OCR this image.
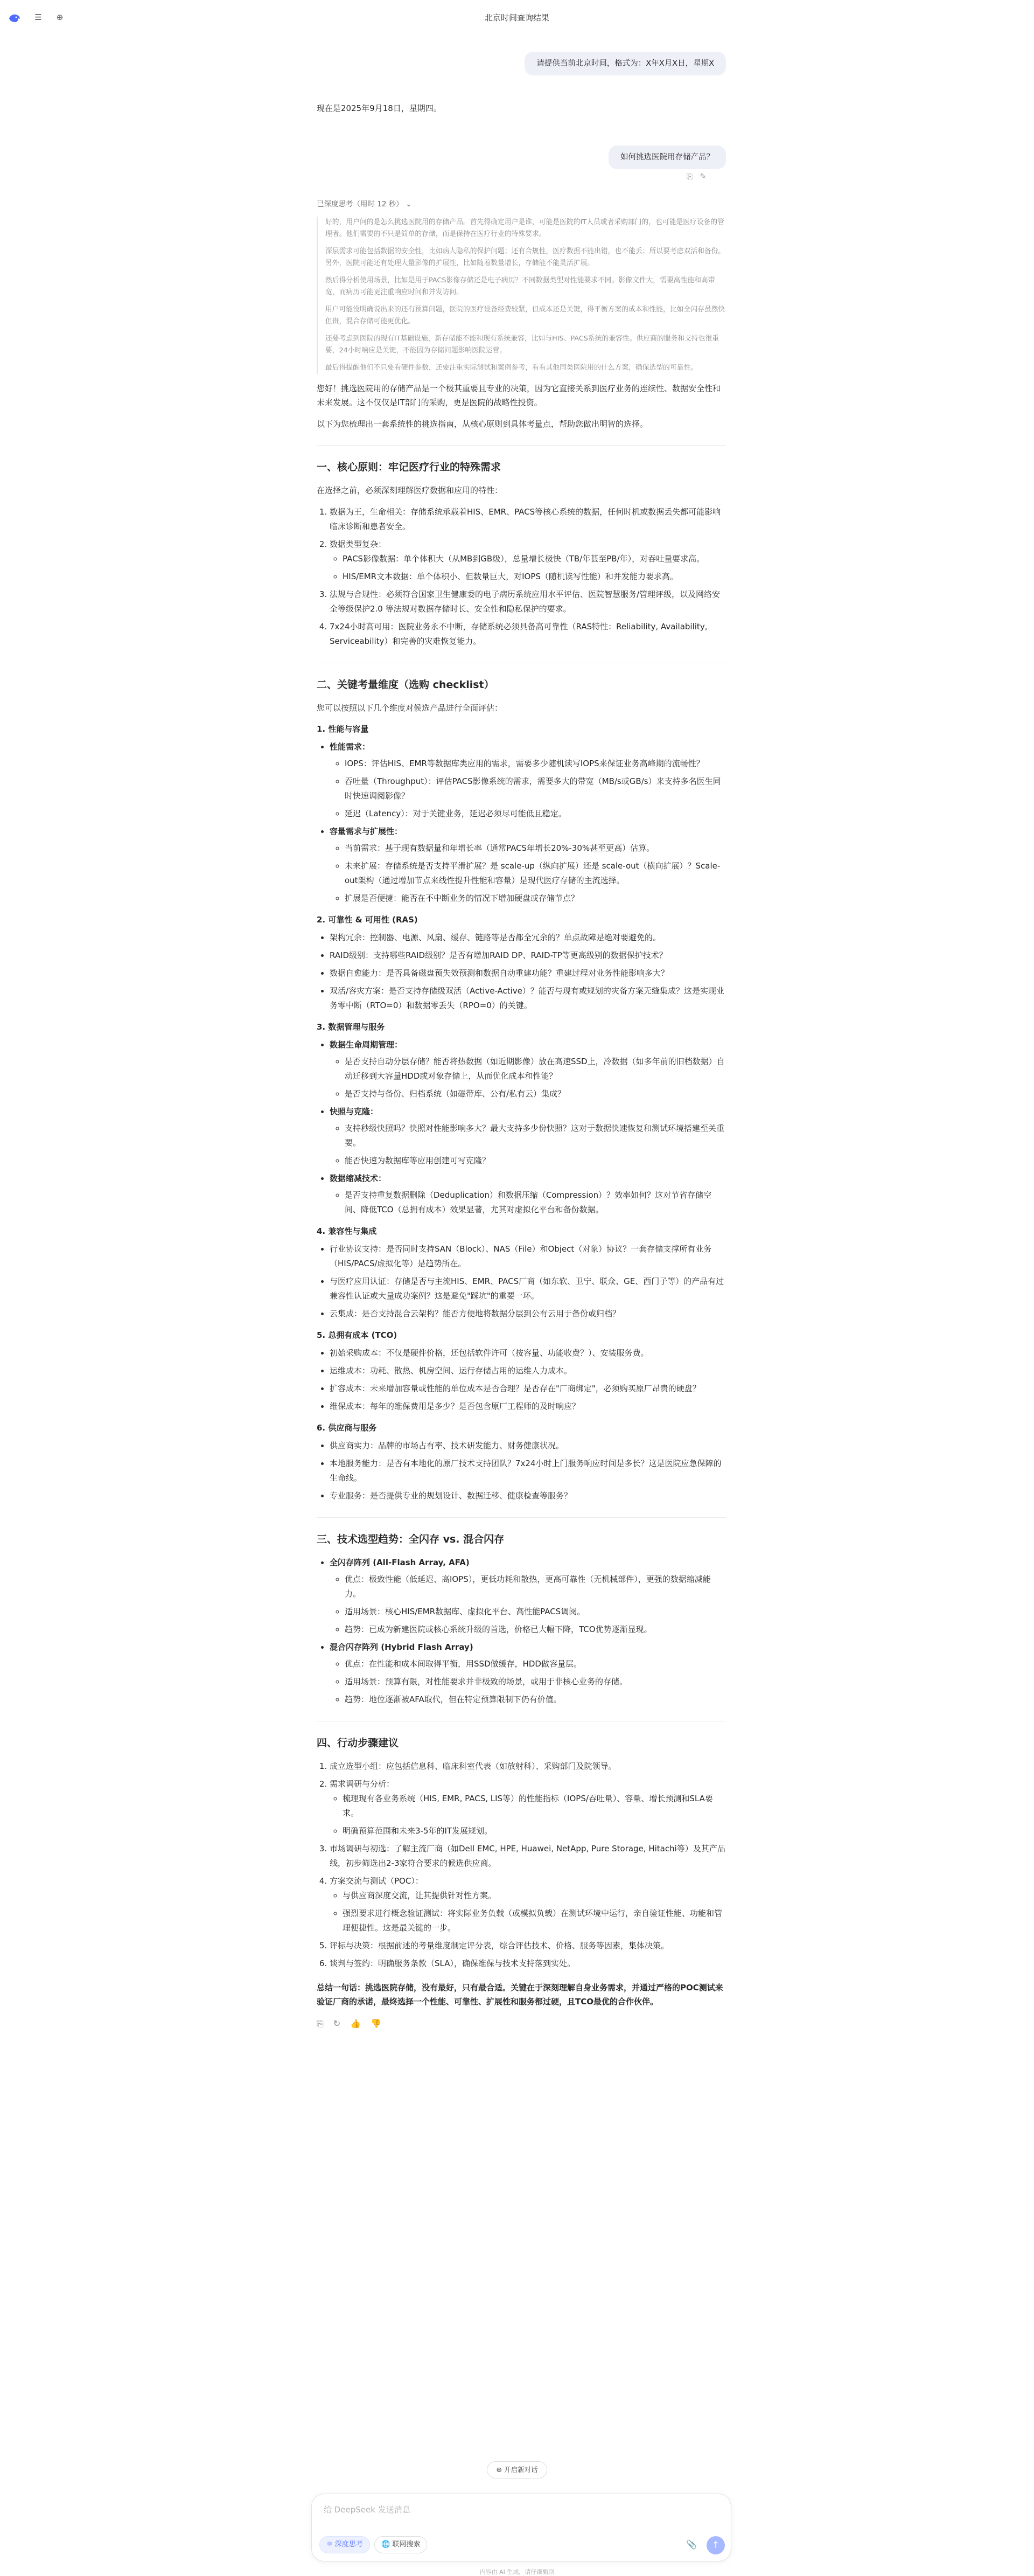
☰	⊕	北京时间查询结果
请提供当前北京时间，格式为：X年X月X日，星期X

现在是2025年9月18日，星期四。

如何挑选医院用存储产品？
⎘ ✎
已深度思考（用时 12 秒） ⌄

好的，用户问的是怎么挑选医院用的存储产品。首先得确定用户是谁，可能是医院的IT人员或者采购部门的，也可能是医疗设备的管理者。他们需要的不只是简单的存储，而是保持在医疗行业的特殊要求。

深层需求可能包括数据的安全性，比如病人隐私的保护问题；还有合规性，医疗数据不能出错，也不能丢；所以要考虑双活和备份。另外，医院可能还有处理大量影像的扩展性，比如随着数量增长，存储能不能灵活扩展。

然后得分析使用场景，比如是用于PACS影像存储还是电子病历？不同数据类型对性能要求不同。影像文件大，需要高性能和高带宽，而病历可能更注重响应时间和并发访问。

用户可能没明确说出来的还有预算问题，医院的医疗设备经费较紧，但成本还是关键，得平衡方案的成本和性能，比如全闪存虽然快但贵，混合存储可能更优化。

还要考虑到医院的现有IT基础设施，新存储能不能和现有系统兼容，比如与HIS、PACS系统的兼容性。供应商的服务和支持也很重要，24小时响应是关键，不能因为存储问题影响医院运营。

最后得提醒他们不只要看硬件参数，还要注重实际测试和案例参考，看看其他同类医院用的什么方案，确保选型的可靠性。

您好！挑选医院用的存储产品是一个极其重要且专业的决策，因为它直接关系到医疗业务的连续性、数据安全性和未来发展。这不仅仅是IT部门的采购，更是医院的战略性投资。

以下为您梳理出一套系统性的挑选指南，从核心原则到具体考量点，帮助您做出明智的选择。

一、核心原则：牢记医疗行业的特殊需求

在选择之前，必须深刻理解医疗数据和应用的特性：

1. 数据为王，生命相关：存储系统承载着HIS、EMR、PACS等核心系统的数据，任何时机或数据丢失都可能影响临床诊断和患者安全。
2. 数据类型复杂：
◦ PACS影像数据：单个体积大（从MB到GB级），总量增长极快（TB/年甚至PB/年），对吞吐量要求高。
◦ HIS/EMR文本数据：单个体积小、但数量巨大，对IOPS（随机读写性能）和并发能力要求高。
3. 法规与合规性：必须符合国家卫生健康委的电子病历系统应用水平评估、医院智慧服务/管理评级，以及网络安全等级保护2.0 等法规对数据存储时长、安全性和隐私保护的要求。
4. 7x24小时高可用：医院业务永不中断，存储系统必须具备高可靠性（RAS特性：Reliability, Availability, Serviceability）和完善的灾难恢复能力。
二、关键考量维度（选购 checklist）

您可以按照以下几个维度对候选产品进行全面评估：

1. 性能与容量
• 性能需求：
◦ IOPS：评估HIS、EMR等数据库类应用的需求，需要多少随机读写IOPS来保证业务高峰期的流畅性？
◦ 吞吐量（Throughput）：评估PACS影像系统的需求，需要多大的带宽（MB/s或GB/s）来支持多名医生同时快速调阅影像？
◦ 延迟（Latency）：对于关键业务，延迟必须尽可能低且稳定。
• 容量需求与扩展性：
◦ 当前需求：基于现有数据量和年增长率（通常PACS年增长20%-30%甚至更高）估算。
◦ 未来扩展：存储系统是否支持平滑扩展？是 scale-up（纵向扩展）还是 scale-out（横向扩展）？Scale-out架构（通过增加节点来线性提升性能和容量）是现代医疗存储的主流选择。
◦ 扩展是否便捷：能否在不中断业务的情况下增加硬盘或存储节点？
2. 可靠性 & 可用性 (RAS)
• 架构冗余：控制器、电源、风扇、缓存、链路等是否都全冗余的？单点故障是绝对要避免的。
• RAID级别：支持哪些RAID级别？是否有增加RAID DP、RAID-TP等更高级别的数据保护技术？
• 数据自愈能力：是否具备磁盘预失效预测和数据自动重建功能？重建过程对业务性能影响多大？
• 双活/容灾方案：是否支持存储级双活（Active-Active）？能否与现有或规划的灾备方案无缝集成？这是实现业务零中断（RTO=0）和数据零丢失（RPO=0）的关键。
3. 数据管理与服务
• 数据生命周期管理：
◦ 是否支持自动分层存储？能否将热数据（如近期影像）放在高速SSD上，冷数据（如多年前的旧档数据）自动迁移到大容量HDD或对象存储上，从而优化成本和性能？
◦ 是否支持与备份、归档系统（如磁带库、公有/私有云）集成？
• 快照与克隆：
◦ 支持秒级快照吗？快照对性能影响多大？最大支持多少份快照？这对于数据快速恢复和测试环境搭建至关重要。
◦ 能否快速为数据库等应用创建可写克隆？
• 数据缩减技术：
◦ 是否支持重复数据删除（Deduplication）和数据压缩（Compression）？效率如何？这对节省存储空间、降低TCO（总拥有成本）效果显著，尤其对虚拟化平台和备份数据。
4. 兼容性与集成
• 行业协议支持：是否同时支持SAN（Block）、NAS（File）和Object（对象）协议？一套存储支撑所有业务（HIS/PACS/虚拟化等）是趋势所在。
• 与医疗应用认证：存储是否与主流HIS、EMR、PACS厂商（如东软、卫宁、联众、GE、西门子等）的产品有过兼容性认证或大量成功案例？这是避免"踩坑"的重要一环。
• 云集成：是否支持混合云架构？能否方便地将数据分层到公有云用于备份或归档？
5. 总拥有成本 (TCO)
• 初始采购成本：不仅是硬件价格，还包括软件许可（按容量、功能收费？）、安装服务费。
• 运维成本：功耗、散热、机房空间、运行存储占用的运维人力成本。
• 扩容成本：未来增加容量或性能的单位成本是否合理？是否存在"厂商绑定"，必须购买原厂昂贵的硬盘？
• 维保成本：每年的维保费用是多少？是否包含原厂工程师的及时响应？
6. 供应商与服务
• 供应商实力：品牌的市场占有率、技术研发能力、财务健康状况。
• 本地服务能力：是否有本地化的原厂技术支持团队？7x24小时上门服务响应时间是多长？这是医院应急保障的生命线。
• 专业服务：是否提供专业的规划设计、数据迁移、健康检查等服务？
三、技术选型趋势：全闪存 vs. 混合闪存
• 全闪存阵列 (All-Flash Array, AFA)
◦ 优点：极致性能（低延迟、高IOPS），更低功耗和散热，更高可靠性（无机械部件），更强的数据缩减能力。
◦ 适用场景：核心HIS/EMR数据库、虚拟化平台、高性能PACS调阅。
◦ 趋势：已成为新建医院或核心系统升级的首选，价格已大幅下降，TCO优势逐渐显现。
• 混合闪存阵列 (Hybrid Flash Array)
◦ 优点：在性能和成本间取得平衡，用SSD做缓存，HDD做容量层。
◦ 适用场景：预算有限，对性能要求并非极致的场景，或用于非核心业务的存储。
◦ 趋势：地位逐渐被AFA取代，但在特定预算限制下仍有价值。
四、行动步骤建议
1. 成立选型小组：应包括信息科、临床科室代表（如放射科）、采购部门及院领导。
2. 需求调研与分析：
◦ 梳理现有各业务系统（HIS, EMR, PACS, LIS等）的性能指标（IOPS/吞吐量）、容量、增长预测和SLA要求。
◦ 明确预算范围和未来3-5年的IT发展规划。
3. 市场调研与初选：了解主流厂商（如Dell EMC, HPE, Huawei, NetApp, Pure Storage, Hitachi等）及其产品线，初步筛选出2-3家符合要求的候选供应商。
4. 方案交流与测试（POC）：
◦ 与供应商深度交流，让其提供针对性方案。
◦ 强烈要求进行概念验证测试：将实际业务负载（或模拟负载）在测试环境中运行，亲自验证性能、功能和管理便捷性。这是最关键的一步。
5. 评标与决策：根据前述的考量维度制定评分表，综合评估技术、价格、服务等因素，集体决策。
6. 谈判与签约：明确服务条款（SLA），确保维保与技术支持落到实处。

总结一句话：挑选医院存储，没有最好，只有最合适。关键在于深刻理解自身业务需求，并通过严格的POC测试来验证厂商的承诺，最终选择一个性能、可靠性、扩展性和服务都过硬，且TCO最优的合作伙伴。

⎘ ↻ 👍 👎
⊕ 开启新对话
给 DeepSeek 发送消息
⚛ 深度思考	🌐 联网搜索	📎	↑
内容由 AI 生成，请仔细甄别
